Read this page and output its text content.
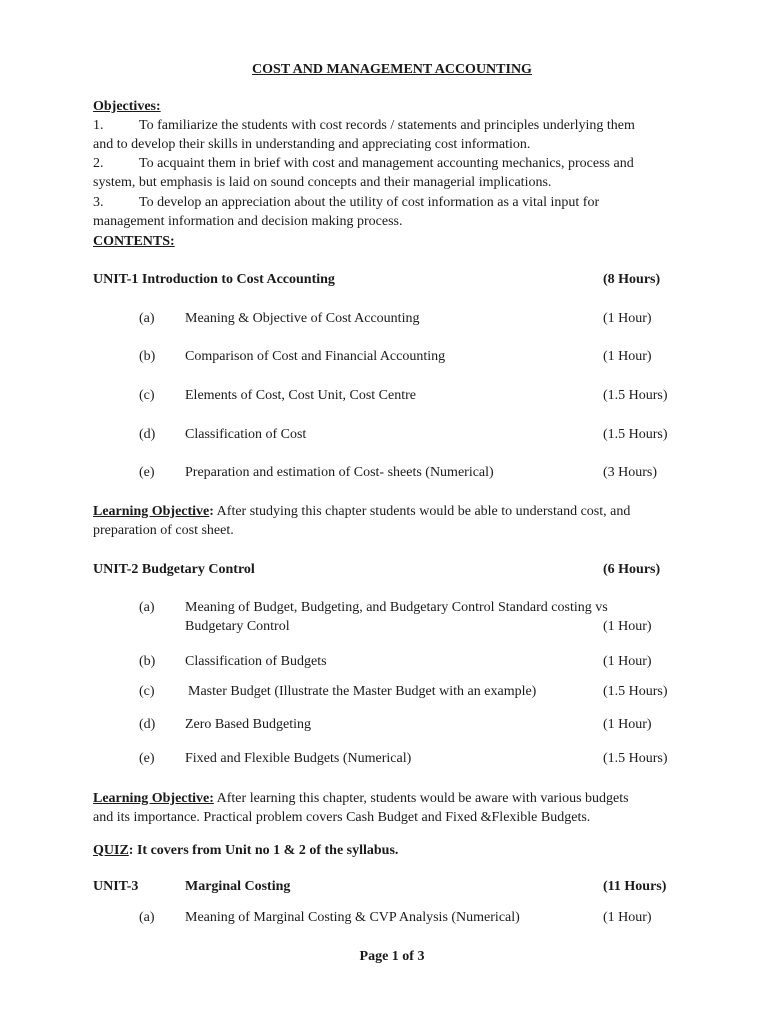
COST AND MANAGEMENT ACCOUNTING
Objectives:
1.	To familiarize the students with cost records / statements and principles underlying them
and to develop their skills in understanding and appreciating cost information.
2.	To acquaint them in brief with cost and management accounting mechanics, process and
system, but emphasis is laid on sound concepts and their managerial implications.
3.	To develop an appreciation about the utility of cost information as a vital input for
management information and decision making process.
CONTENTS:
UNIT-1 Introduction to Cost Accounting	(8 Hours)
(a) Meaning & Objective of Cost Accounting	(1 Hour)
(b) Comparison of Cost and Financial Accounting	(1 Hour)
(c) Elements of Cost, Cost Unit, Cost Centre	(1.5 Hours)
(d) Classification of Cost	(1.5 Hours)
(e) Preparation and estimation of Cost- sheets (Numerical)	(3 Hours)
Learning Objective: After studying this chapter students would be able to understand cost, and
preparation of cost sheet.
UNIT-2 Budgetary Control	(6 Hours)
(a) Meaning of Budget, Budgeting, and Budgetary Control Standard costing vs
Budgetary Control	(1 Hour)
(b) Classification of Budgets	(1 Hour)
(c) Master Budget (Illustrate the Master Budget with an example)	(1.5 Hours)
(d) Zero Based Budgeting	(1 Hour)
(e) Fixed and Flexible Budgets (Numerical)	(1.5 Hours)
Learning Objective: After learning this chapter, students would be aware with various budgets
and its importance. Practical problem covers Cash Budget and Fixed &Flexible Budgets.
QUIZ: It covers from Unit no 1 & 2 of the syllabus.
UNIT-3	Marginal Costing	(11 Hours)
(a) Meaning of Marginal Costing & CVP Analysis (Numerical)	(1 Hour)
Page 1 of 3
